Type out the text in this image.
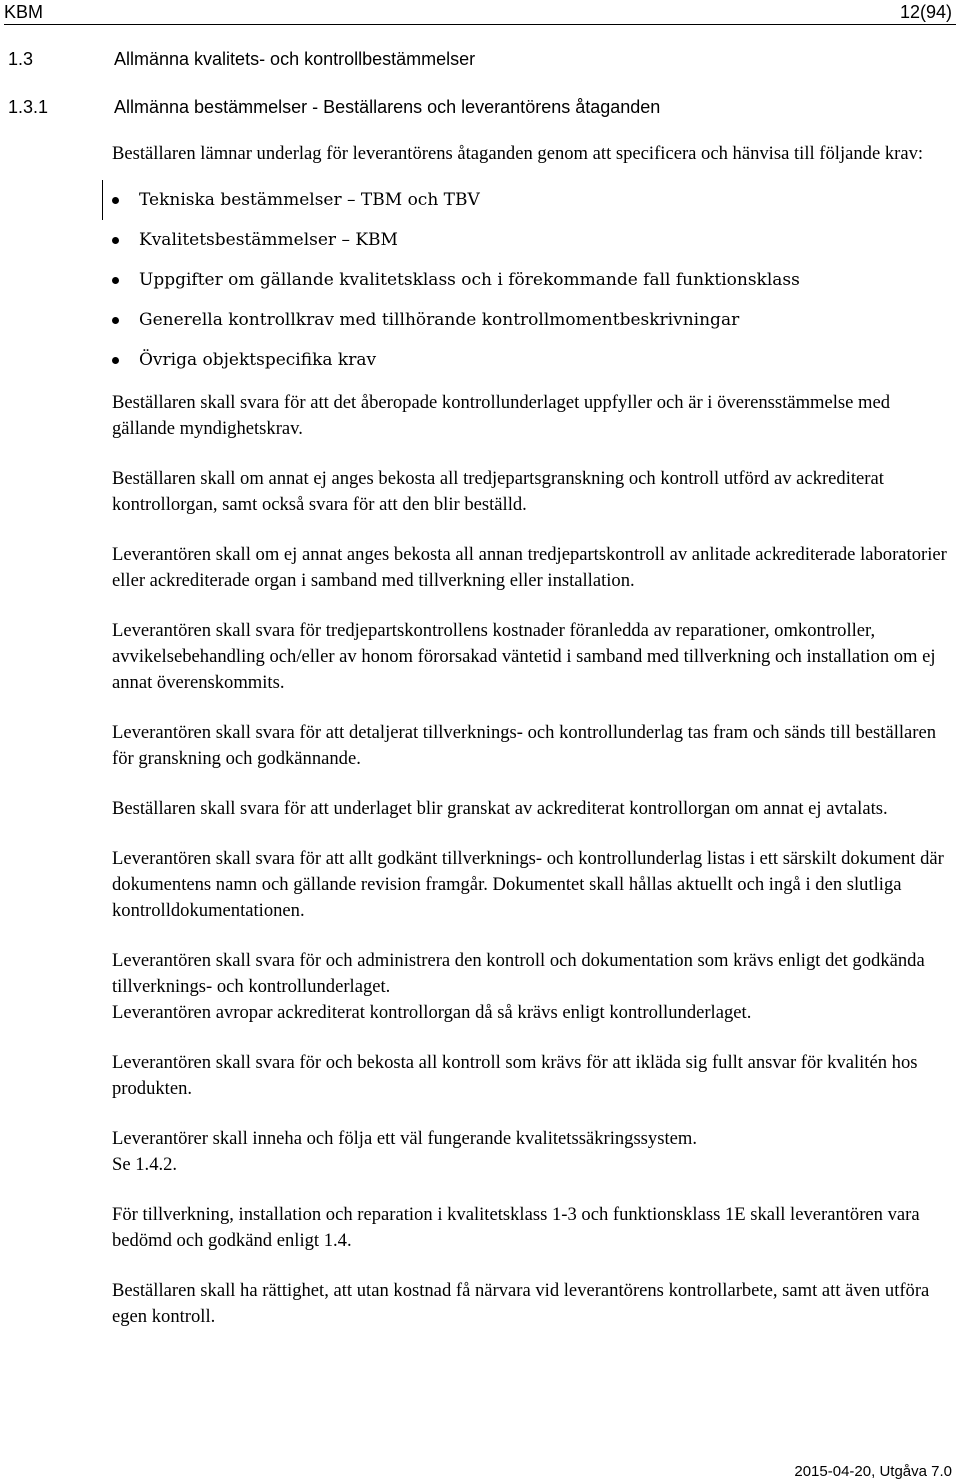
KBM	12(94)
1.3	Allmänna kvalitets- och kontrollbestämmelser
1.3.1	Allmänna bestämmelser - Beställarens och leverantörens åtaganden

Beställaren lämnar underlag för leverantörens åtaganden genom att specificera och hänvisa till följande krav:

Tekniska bestämmelser – TBM och TBV
Kvalitetsbestämmelser – KBM
Uppgifter om gällande kvalitetsklass och i förekommande fall funktionsklass
Generella kontrollkrav med tillhörande kontrollmomentbeskrivningar
Övriga objektspecifika krav

Beställaren skall svara för att det åberopade kontrollunderlaget uppfyller och är i överensstämmelse med gällande myndighetskrav.

Beställaren skall om annat ej anges bekosta all tredjepartsgranskning och kontroll utförd av ackrediterat kontrollorgan, samt också svara för att den blir beställd.

Leverantören skall om ej annat anges bekosta all annan tredjepartskontroll av anlitade ackrediterade laboratorier eller ackrediterade organ i samband med tillverkning eller installation.

Leverantören skall svara för tredjepartskontrollens kostnader föranledda av reparationer, omkontroller, avvikelsebehandling och/eller av honom förorsakad väntetid i samband med tillverkning och installation om ej annat överenskommits.

Leverantören skall svara för att detaljerat tillverknings- och kontrollunderlag tas fram och sänds till beställaren för granskning och godkännande.

Beställaren skall svara för att underlaget blir granskat av ackrediterat kontrollorgan om annat ej avtalats.

Leverantören skall svara för att allt godkänt tillverknings- och kontrollunderlag listas i ett särskilt dokument där dokumentens namn och gällande revision framgår. Dokumentet skall hållas aktuellt och ingå i den slutliga kontrolldokumentationen.

Leverantören skall svara för och administrera den kontroll och dokumentation som krävs enligt det godkända tillverknings- och kontrollunderlaget.

Leverantören avropar ackrediterat kontrollorgan då så krävs enligt kontrollunderlaget.

Leverantören skall svara för och bekosta all kontroll som krävs för att ikläda sig fullt ansvar för kvalitén hos produkten.

Leverantörer skall inneha och följa ett väl fungerande kvalitetssäkringssystem.

Se 1.4.2.

För tillverkning, installation och reparation i kvalitetsklass 1-3 och funktionsklass 1E skall leverantören vara bedömd och godkänd enligt 1.4.

Beställaren skall ha rättighet, att utan kostnad få närvara vid leverantörens kontrollarbete, samt att även utföra egen kontroll.

2015-04-20, Utgåva 7.0
